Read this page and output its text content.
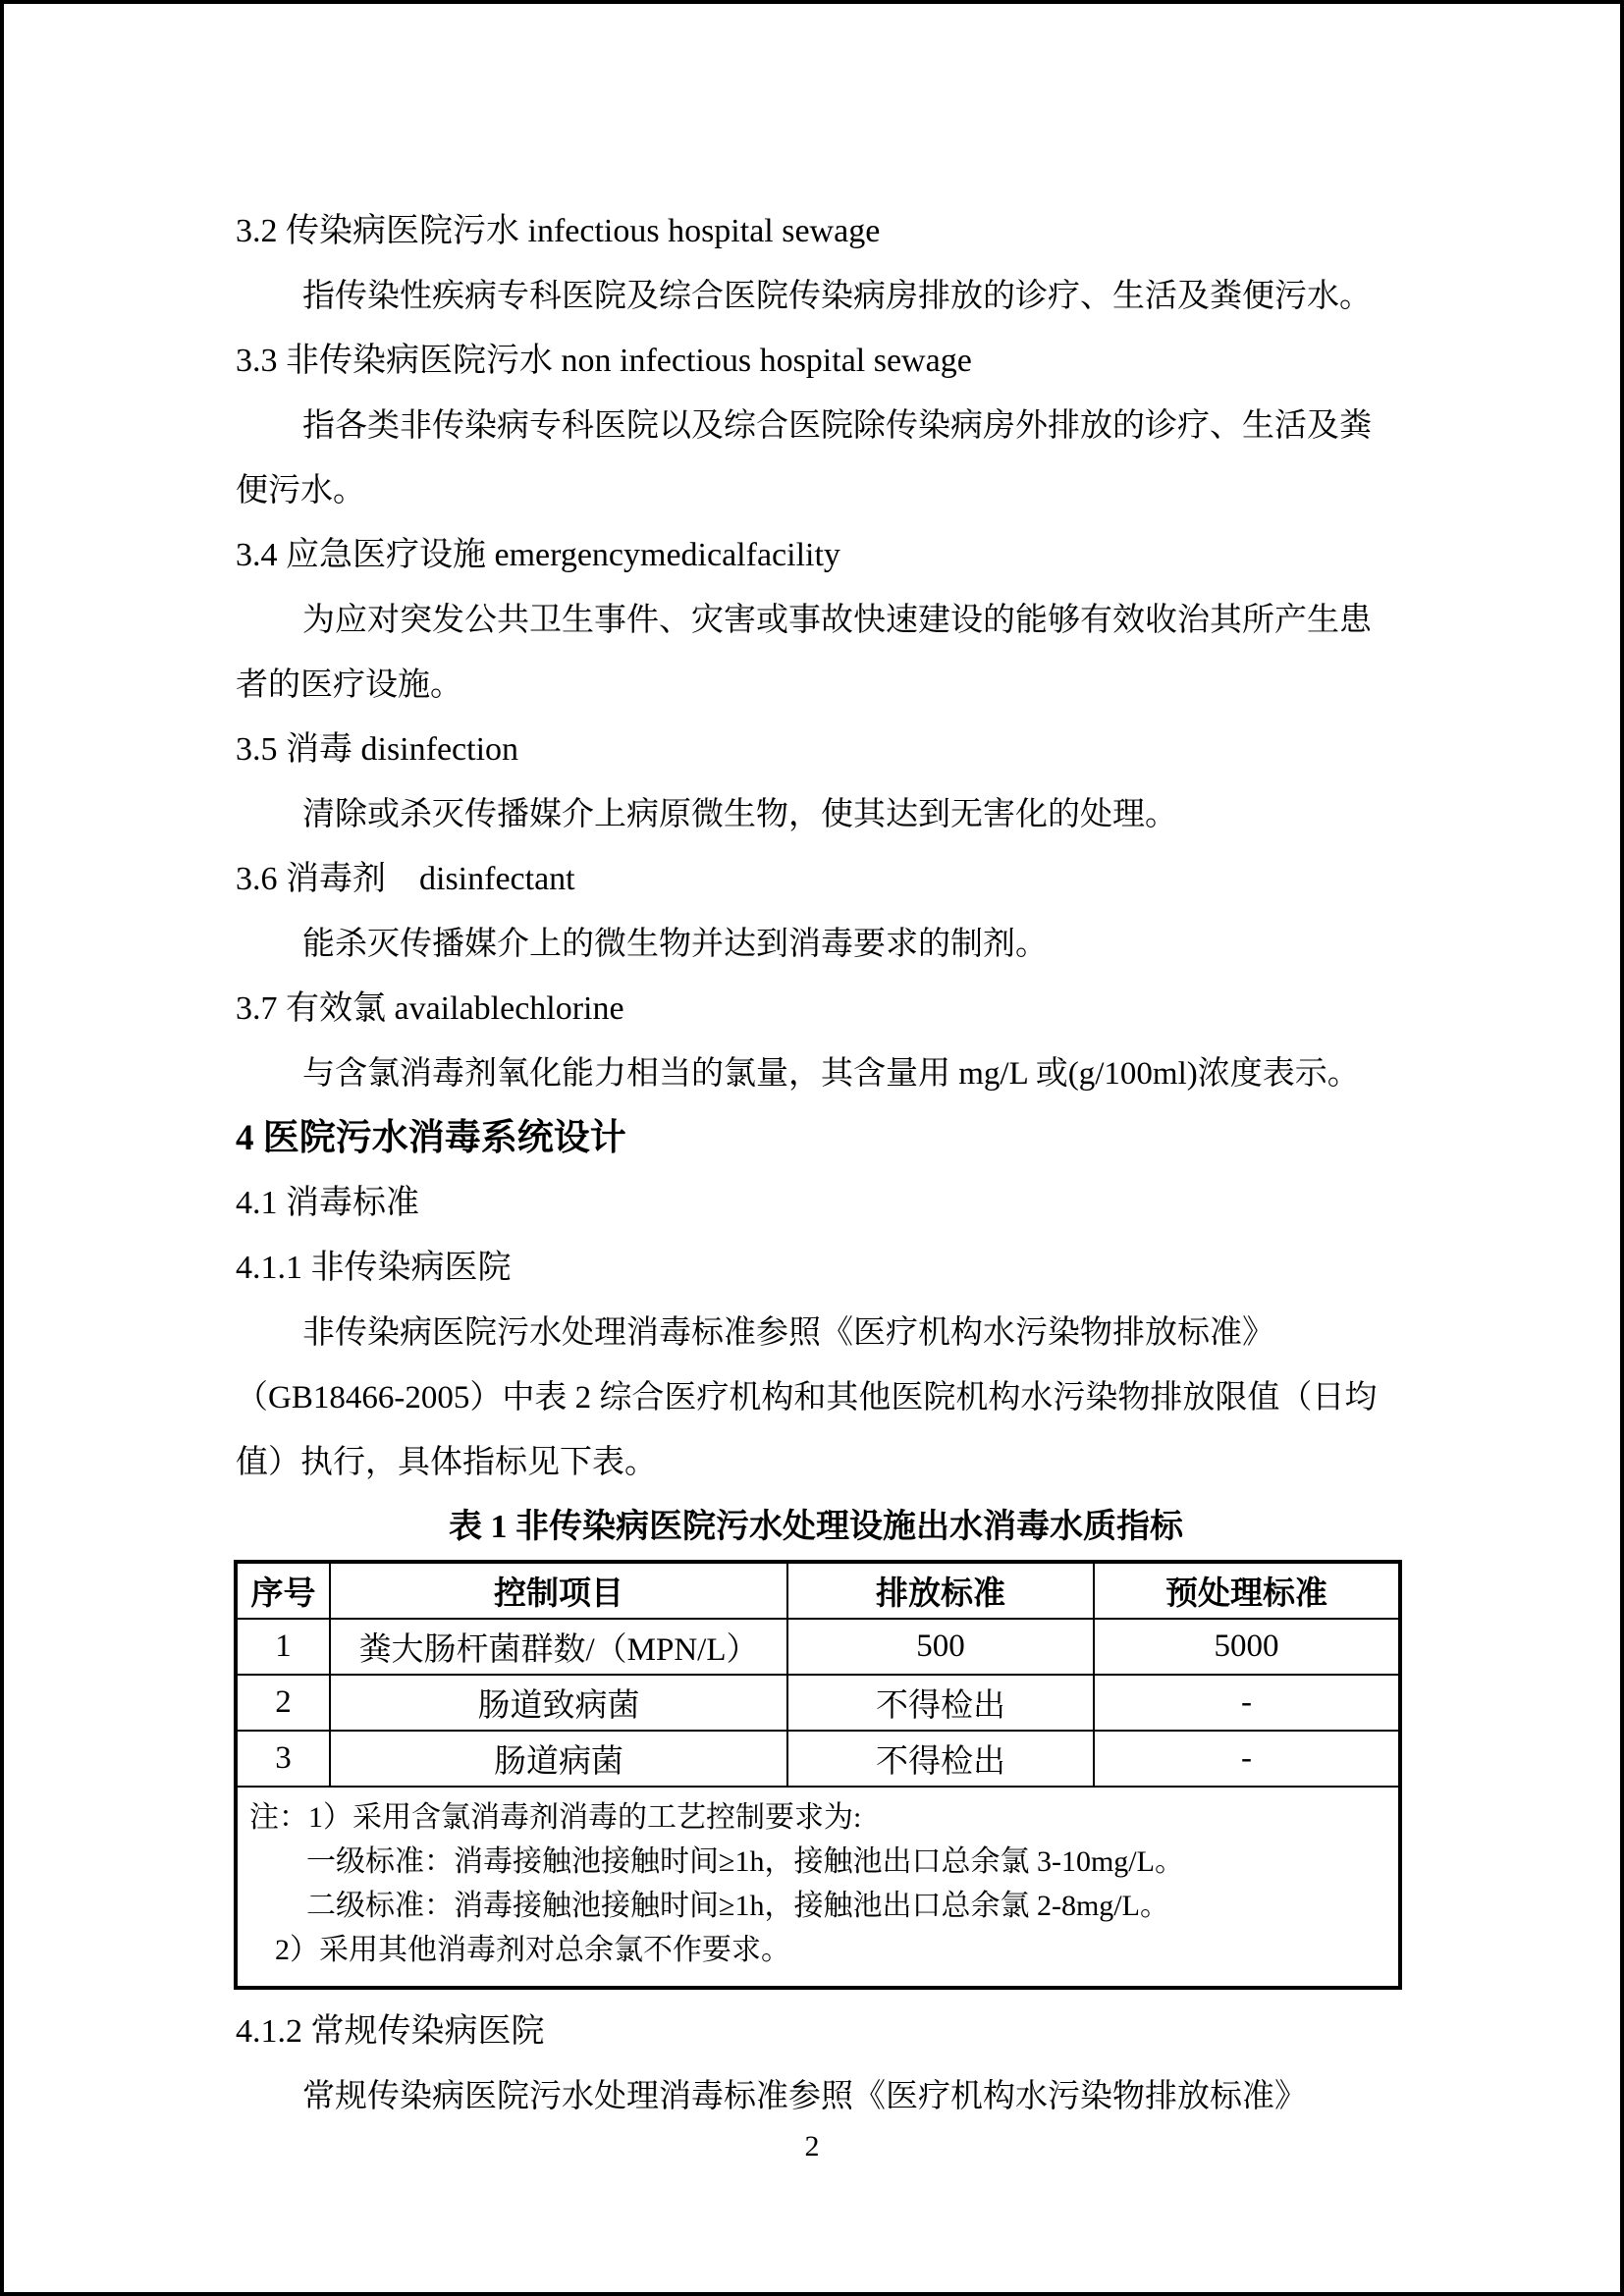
3.2 传染病医院污水 infectious hospital sewage
指传染性疾病专科医院及综合医院传染病房排放的诊疗、生活及粪便污水。
3.3 非传染病医院污水 non infectious hospital sewage
指各类非传染病专科医院以及综合医院除传染病房外排放的诊疗、生活及粪
便污水。
3.4 应急医疗设施 emergencymedicalfacility
为应对突发公共卫生事件、灾害或事故快速建设的能够有效收治其所产生患
者的医疗设施。
3.5 消毒 disinfection
清除或杀灭传播媒介上病原微生物，使其达到无害化的处理。
3.6 消毒剂　disinfectant
能杀灭传播媒介上的微生物并达到消毒要求的制剂。
3.7 有效氯 availablechlorine
与含氯消毒剂氧化能力相当的氯量，其含量用 mg/L 或(g/100ml)浓度表示。
4 医院污水消毒系统设计
4.1 消毒标准
4.1.1 非传染病医院
非传染病医院污水处理消毒标准参照《医疗机构水污染物排放标准》
（GB18466-2005）中表 2 综合医疗机构和其他医院机构水污染物排放限值（日均
值）执行，具体指标见下表。
表 1 非传染病医院污水处理设施出水消毒水质指标
序号	控制项目	排放标准	预处理标准
1	粪大肠杆菌群数/（MPN/L）	500	5000
2	肠道致病菌	不得检出	-
3	肠道病菌	不得检出	-

注：1）采用含氯消毒剂消毒的工艺控制要求为:
一级标准：消毒接触池接触时间≥1h，接触池出口总余氯 3-10mg/L。
二级标准：消毒接触池接触时间≥1h，接触池出口总余氯 2-8mg/L。
2）采用其他消毒剂对总余氯不作要求。			
4.1.2 常规传染病医院
常规传染病医院污水处理消毒标准参照《医疗机构水污染物排放标准》
2
